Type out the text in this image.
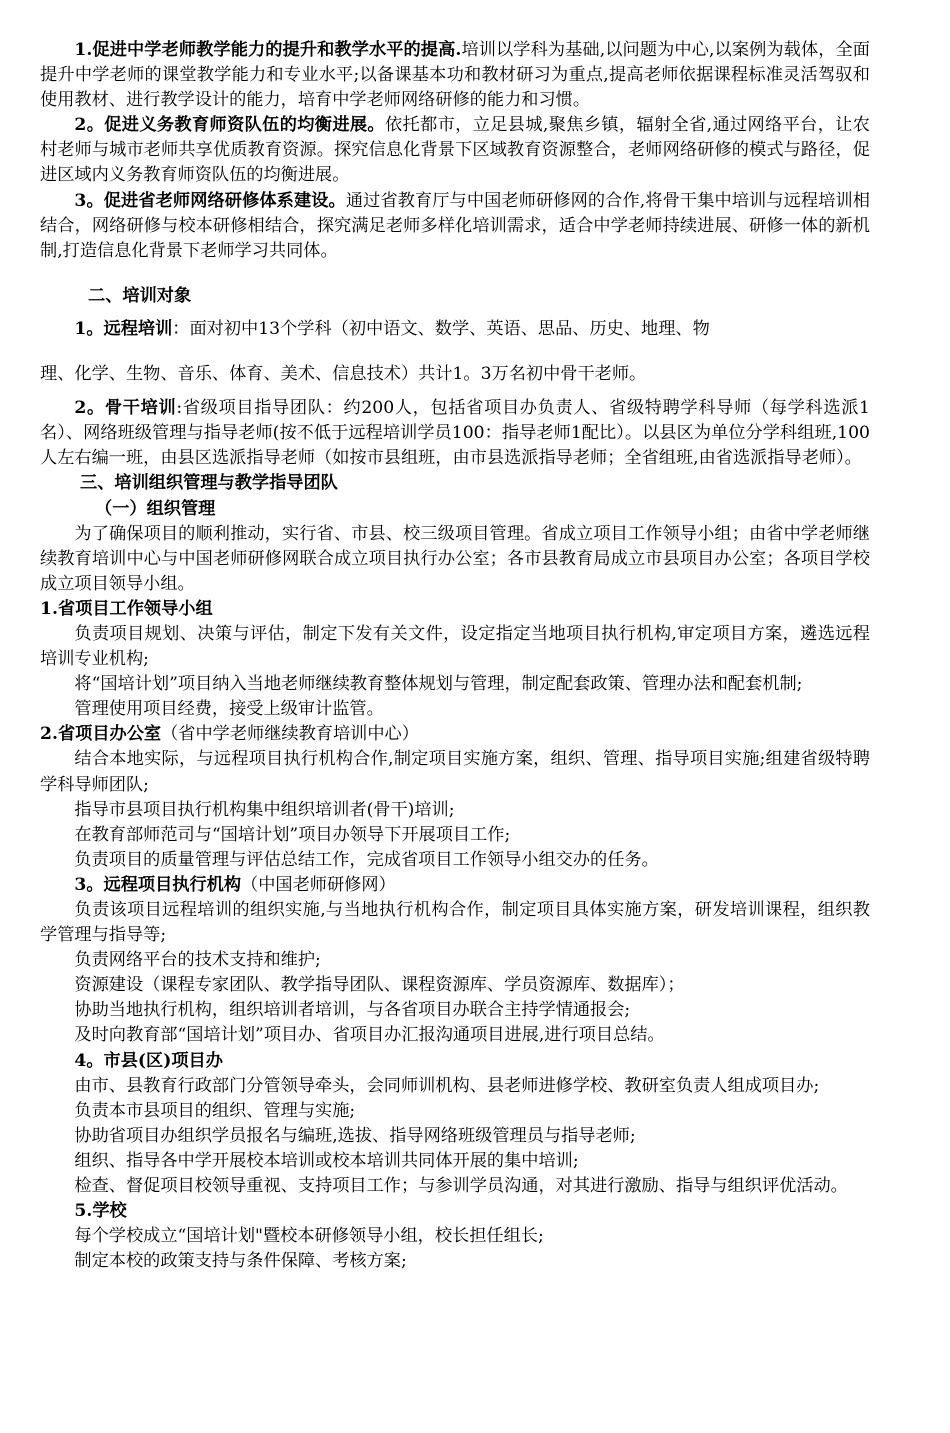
1.促进中学老师教学能力的提升和教学水平的提高.培训以学科为基础,以问题为中心,以案例为载体，全面提升中学老师的课堂教学能力和专业水平;以备课基本功和教材研习为重点,提高老师依据课程标准灵活驾驭和使用教材、进行教学设计的能力，培育中学老师网络研修的能力和习惯。

2。促进义务教育师资队伍的均衡进展。依托都市，立足县城,聚焦乡镇，辐射全省,通过网络平台，让农村老师与城市老师共享优质教育资源。探究信息化背景下区域教育资源整合，老师网络研修的模式与路径，促进区域内义务教育师资队伍的均衡进展。

3。促进省老师网络研修体系建设。通过省教育厅与中国老师研修网的合作,将骨干集中培训与远程培训相结合，网络研修与校本研修相结合，探究满足老师多样化培训需求，适合中学老师持续进展、研修一体的新机制,打造信息化背景下老师学习共同体。

二、培训对象

1。远程培训：面对初中13个学科（初中语文、数学、英语、思品、历史、地理、物

理、化学、生物、音乐、体育、美术、信息技术）共计1。3万名初中骨干老师。

2。骨干培训:省级项目指导团队：约200人，包括省项目办负责人、省级特聘学科导师（每学科选派1名）、网络班级管理与指导老师(按不低于远程培训学员100：指导老师1配比）。以县区为单位分学科组班,100人左右编一班，由县区选派指导老师（如按市县组班，由市县选派指导老师；全省组班,由省选派指导老师）。

三、培训组织管理与教学指导团队

（一）组织管理

为了确保项目的顺利推动，实行省、市县、校三级项目管理。省成立项目工作领导小组；由省中学老师继续教育培训中心与中国老师研修网联合成立项目执行办公室；各市县教育局成立市县项目办公室；各项目学校成立项目领导小组。

1.省项目工作领导小组

负责项目规划、决策与评估，制定下发有关文件，设定指定当地项目执行机构,审定项目方案，遴选远程培训专业机构;

将“国培计划”项目纳入当地老师继续教育整体规划与管理，制定配套政策、管理办法和配套机制;

管理使用项目经费，接受上级审计监管。

2.省项目办公室（省中学老师继续教育培训中心）

结合本地实际，与远程项目执行机构合作,制定项目实施方案，组织、管理、指导项目实施;组建省级特聘学科导师团队;

指导市县项目执行机构集中组织培训者(骨干)培训;

在教育部师范司与“国培计划”项目办领导下开展项目工作;

负责项目的质量管理与评估总结工作，完成省项目工作领导小组交办的任务。

3。远程项目执行机构（中国老师研修网）

负责该项目远程培训的组织实施,与当地执行机构合作，制定项目具体实施方案，研发培训课程，组织教学管理与指导等;

负责网络平台的技术支持和维护;

资源建设（课程专家团队、教学指导团队、课程资源库、学员资源库、数据库）；

协助当地执行机构，组织培训者培训，与各省项目办联合主持学情通报会;

及时向教育部“国培计划”项目办、省项目办汇报沟通项目进展,进行项目总结。

4。市县(区)项目办

由市、县教育行政部门分管领导牵头，会同师训机构、县老师进修学校、教研室负责人组成项目办;

负责本市县项目的组织、管理与实施;

协助省项目办组织学员报名与编班,选拔、指导网络班级管理员与指导老师;

组织、指导各中学开展校本培训或校本培训共同体开展的集中培训;

检查、督促项目校领导重视、支持项目工作；与参训学员沟通，对其进行激励、指导与组织评优活动。

5.学校

每个学校成立“国培计划"暨校本研修领导小组，校长担任组长;

制定本校的政策支持与条件保障、考核方案;
